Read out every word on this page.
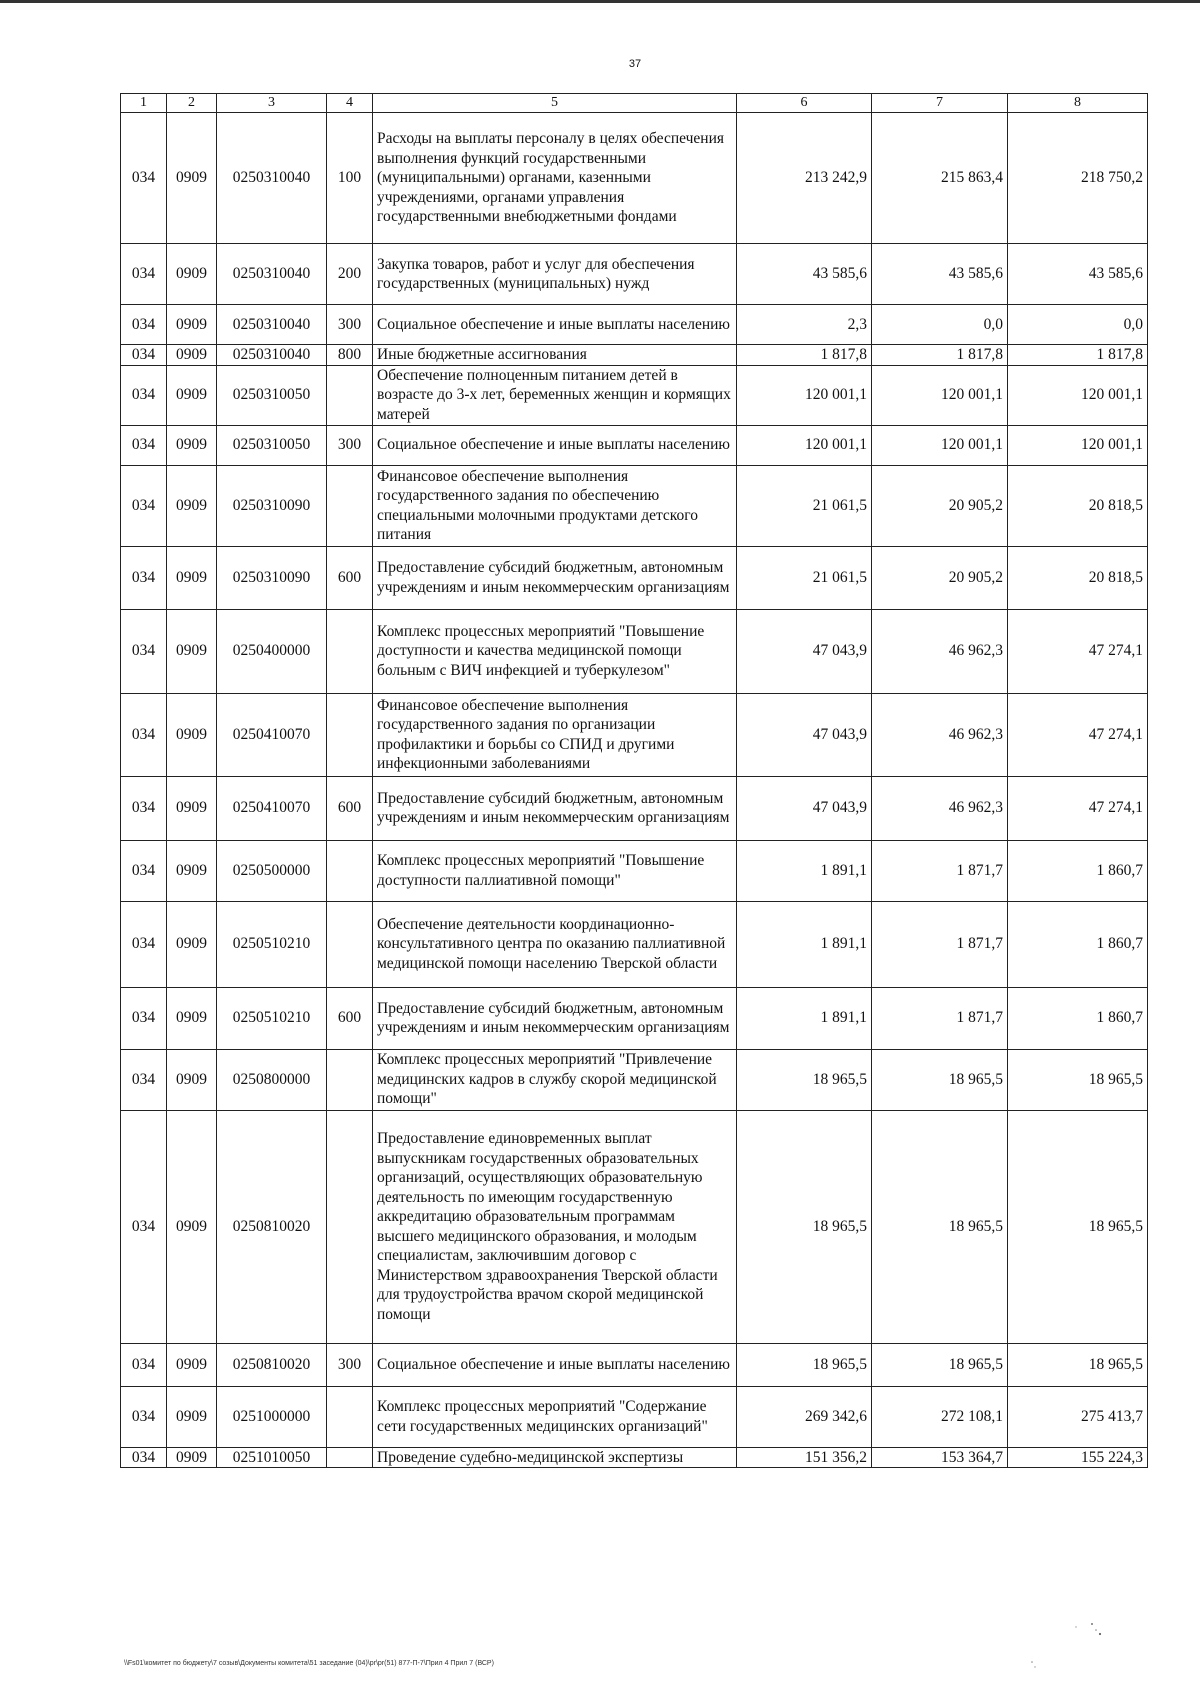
37
1	2	3	4	5	6	7	8
034	0909	0250310040	100	Расходы на выплаты персоналу в целях обеспечения выполнения функций государственными (муниципальными) органами, казенными учреждениями, органами управления государственными внебюджетными фондами	213 242,9	215 863,4	218 750,2
034	0909	0250310040	200	Закупка товаров, работ и услуг для обеспечения государственных (муниципальных) нужд	43 585,6	43 585,6	43 585,6
034	0909	0250310040	300	Социальное обеспечение и иные выплаты населению	2,3	0,0	0,0
034	0909	0250310040	800	Иные бюджетные ассигнования	1 817,8	1 817,8	1 817,8
034	0909	0250310050		Обеспечение полноценным питанием детей в возрасте до 3-х лет, беременных женщин и кормящих матерей	120 001,1	120 001,1	120 001,1
034	0909	0250310050	300	Социальное обеспечение и иные выплаты населению	120 001,1	120 001,1	120 001,1
034	0909	0250310090		Финансовое обеспечение выполнения государственного задания по обеспечению специальными молочными продуктами детского питания	21 061,5	20 905,2	20 818,5
034	0909	0250310090	600	Предоставление субсидий бюджетным, автономным учреждениям и иным некоммерческим организациям	21 061,5	20 905,2	20 818,5
034	0909	0250400000		Комплекс процессных мероприятий "Повышение доступности и качества медицинской помощи больным с ВИЧ инфекцией и туберкулезом"	47 043,9	46 962,3	47 274,1
034	0909	0250410070		Финансовое обеспечение выполнения государственного задания по организации профилактики и борьбы со СПИД и другими инфекционными заболеваниями	47 043,9	46 962,3	47 274,1
034	0909	0250410070	600	Предоставление субсидий бюджетным, автономным учреждениям и иным некоммерческим организациям	47 043,9	46 962,3	47 274,1
034	0909	0250500000		Комплекс процессных мероприятий "Повышение доступности паллиативной помощи"	1 891,1	1 871,7	1 860,7
034	0909	0250510210		Обеспечение деятельности координационно-консультативного центра по оказанию паллиативной медицинской помощи населению Тверской области	1 891,1	1 871,7	1 860,7
034	0909	0250510210	600	Предоставление субсидий бюджетным, автономным учреждениям и иным некоммерческим организациям	1 891,1	1 871,7	1 860,7
034	0909	0250800000		Комплекс процессных мероприятий "Привлечение медицинских кадров в службу скорой медицинской помощи"	18 965,5	18 965,5	18 965,5
034	0909	0250810020		Предоставление единовременных выплат выпускникам государственных образовательных организаций, осуществляющих образовательную деятельность по имеющим государственную аккредитацию образовательным программам высшего медицинского образования, и молодым специалистам, заключившим договор с Министерством здравоохранения Тверской области для трудоустройства врачом скорой медицинской помощи	18 965,5	18 965,5	18 965,5
034	0909	0250810020	300	Социальное обеспечение и иные выплаты населению	18 965,5	18 965,5	18 965,5
034	0909	0251000000		Комплекс процессных мероприятий "Содержание сети государственных медицинских организаций"	269 342,6	272 108,1	275 413,7
034	0909	0251010050		Проведение судебно-медицинской экспертизы	151 356,2	153 364,7	155 224,3
\\Fs01\комитет по бюджету\7 созыв\Документы комитета\51 заседание (04)\pr\pr(51) 877-П-7\Прил 4 Прил 7 (ВСР)
